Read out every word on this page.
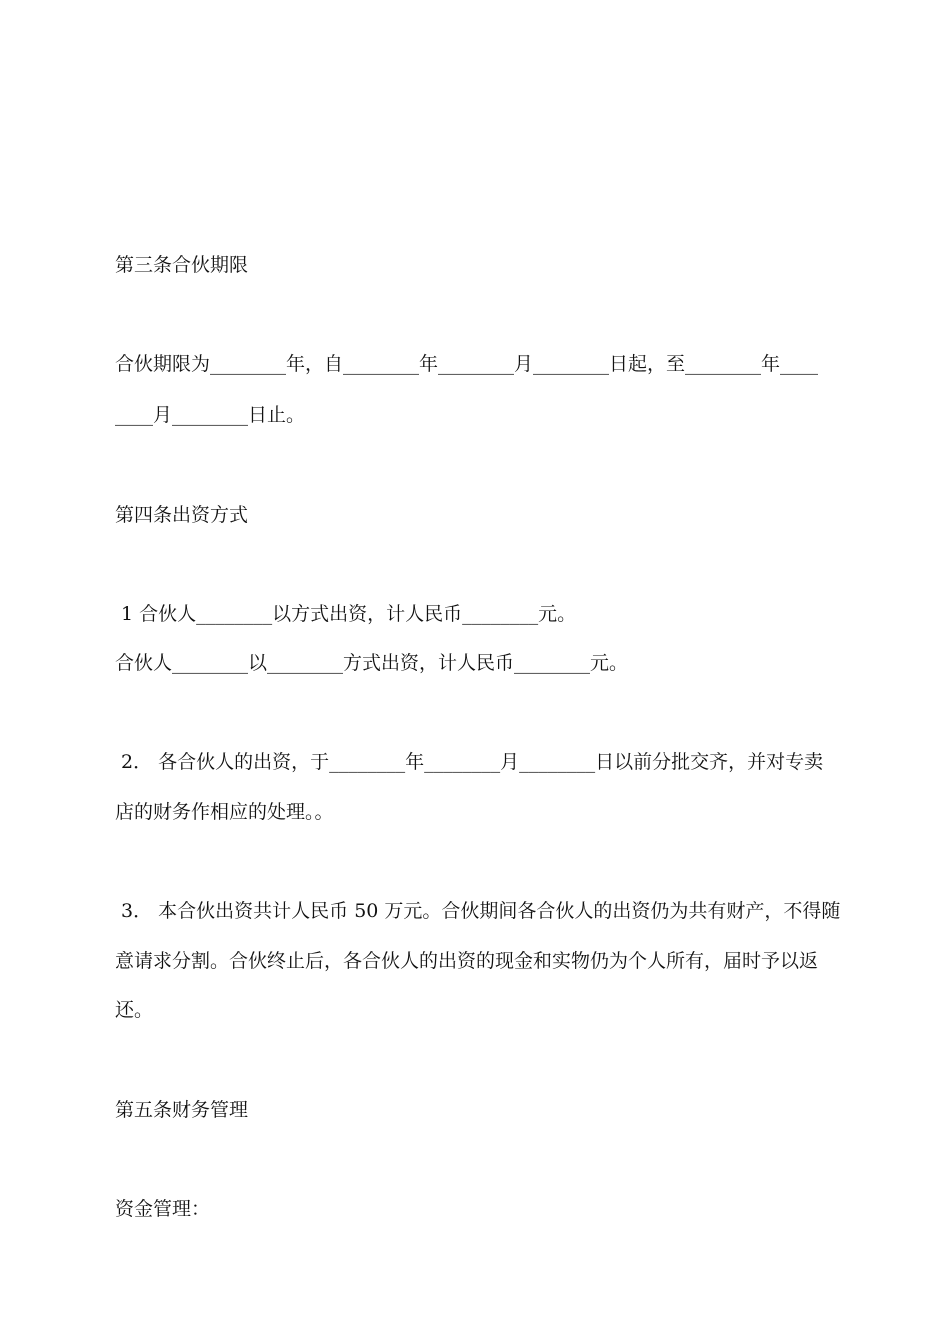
第三条合伙期限

合伙期限为________年，自________年________月________日起，至________年____

____月________日止。

第四条出资方式

1 合伙人________以方式出资，计人民币________元。

合伙人________以________方式出资，计人民币________元。

2． 各合伙人的出资，于________年________月________日以前分批交齐，并对专卖

店的财务作相应的处理。。

3． 本合伙出资共计人民币 50 万元。合伙期间各合伙人的出资仍为共有财产，不得随

意请求分割。合伙终止后，各合伙人的出资的现金和实物仍为个人所有，届时予以返

还。

第五条财务管理

资金管理：
